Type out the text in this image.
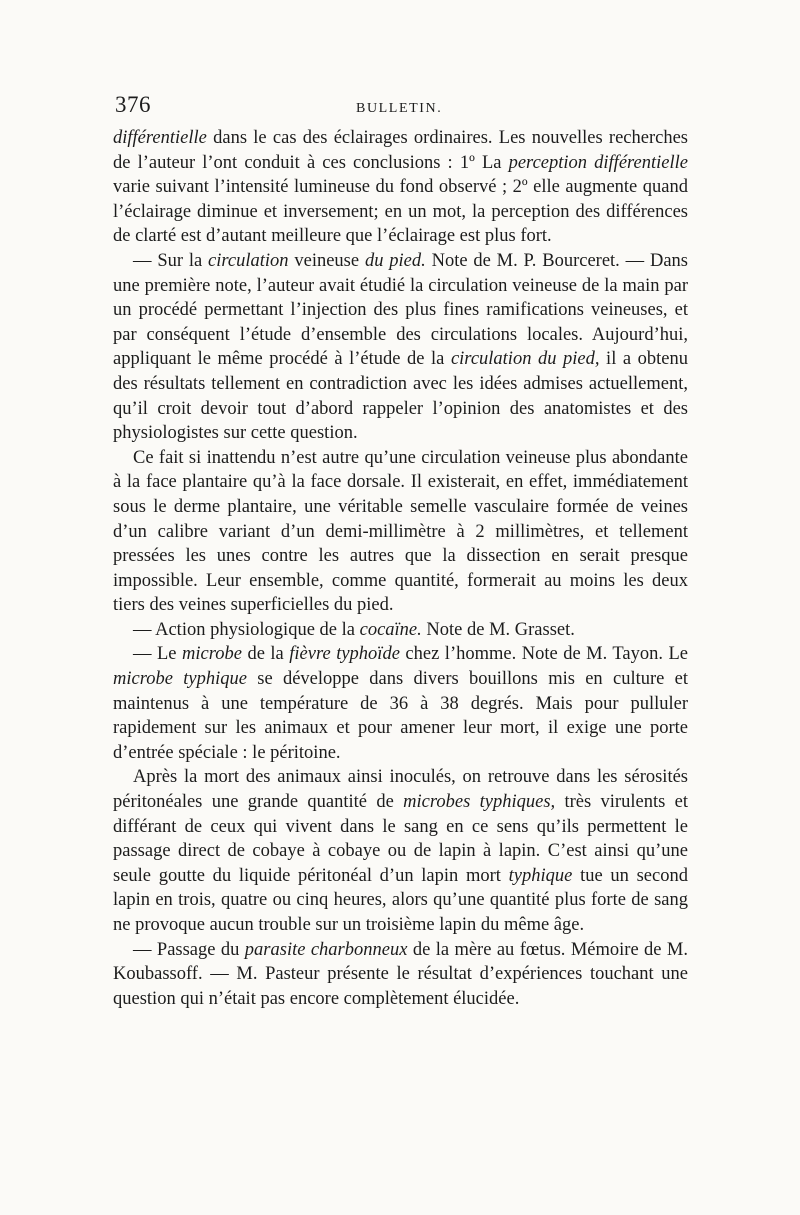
376	BULLETIN.

différentielle dans le cas des éclairages ordinaires. Les nouvelles recherches de l’auteur l’ont conduit à ces conclusions : 1º La perception différentielle varie suivant l’intensité lumineuse du fond observé ; 2º elle augmente quand l’éclairage diminue et inversement; en un mot, la perception des différences de clarté est d’autant meilleure que l’éclairage est plus fort.

— Sur la circulation veineuse du pied. Note de M. P. Bourceret. — Dans une première note, l’auteur avait étudié la circulation veineuse de la main par un procédé permettant l’injection des plus fines ramifications veineuses, et par conséquent l’étude d’ensemble des circulations locales. Aujourd’hui, appliquant le même procédé à l’étude de la circulation du pied, il a obtenu des résultats tellement en contradiction avec les idées admises actuellement, qu’il croit devoir tout d’abord rappeler l’opinion des anatomistes et des physiologistes sur cette question.

Ce fait si inattendu n’est autre qu’une circulation veineuse plus abondante à la face plantaire qu’à la face dorsale. Il existerait, en effet, immédiatement sous le derme plantaire, une véritable semelle vasculaire formée de veines d’un calibre variant d’un demi-millimètre à 2 millimètres, et tellement pressées les unes contre les autres que la dissection en serait presque impossible. Leur ensemble, comme quantité, formerait au moins les deux tiers des veines superficielles du pied.

— Action physiologique de la cocaïne. Note de M. Grasset.

— Le microbe de la fièvre typhoïde chez l’homme. Note de M. Tayon. Le microbe typhique se développe dans divers bouillons mis en culture et maintenus à une température de 36 à 38 degrés. Mais pour pulluler rapidement sur les animaux et pour amener leur mort, il exige une porte d’entrée spéciale : le péritoine.

Après la mort des animaux ainsi inoculés, on retrouve dans les sérosités péritonéales une grande quantité de microbes typhiques, très virulents et différant de ceux qui vivent dans le sang en ce sens qu’ils permettent le passage direct de cobaye à cobaye ou de lapin à lapin. C’est ainsi qu’une seule goutte du liquide péritonéal d’un lapin mort typhique tue un second lapin en trois, quatre ou cinq heures, alors qu’une quantité plus forte de sang ne provoque aucun trouble sur un troisième lapin du même âge.

— Passage du parasite charbonneux de la mère au fœtus. Mémoire de M. Koubassoff. — M. Pasteur présente le résultat d’expériences touchant une question qui n’était pas encore complètement élucidée.
